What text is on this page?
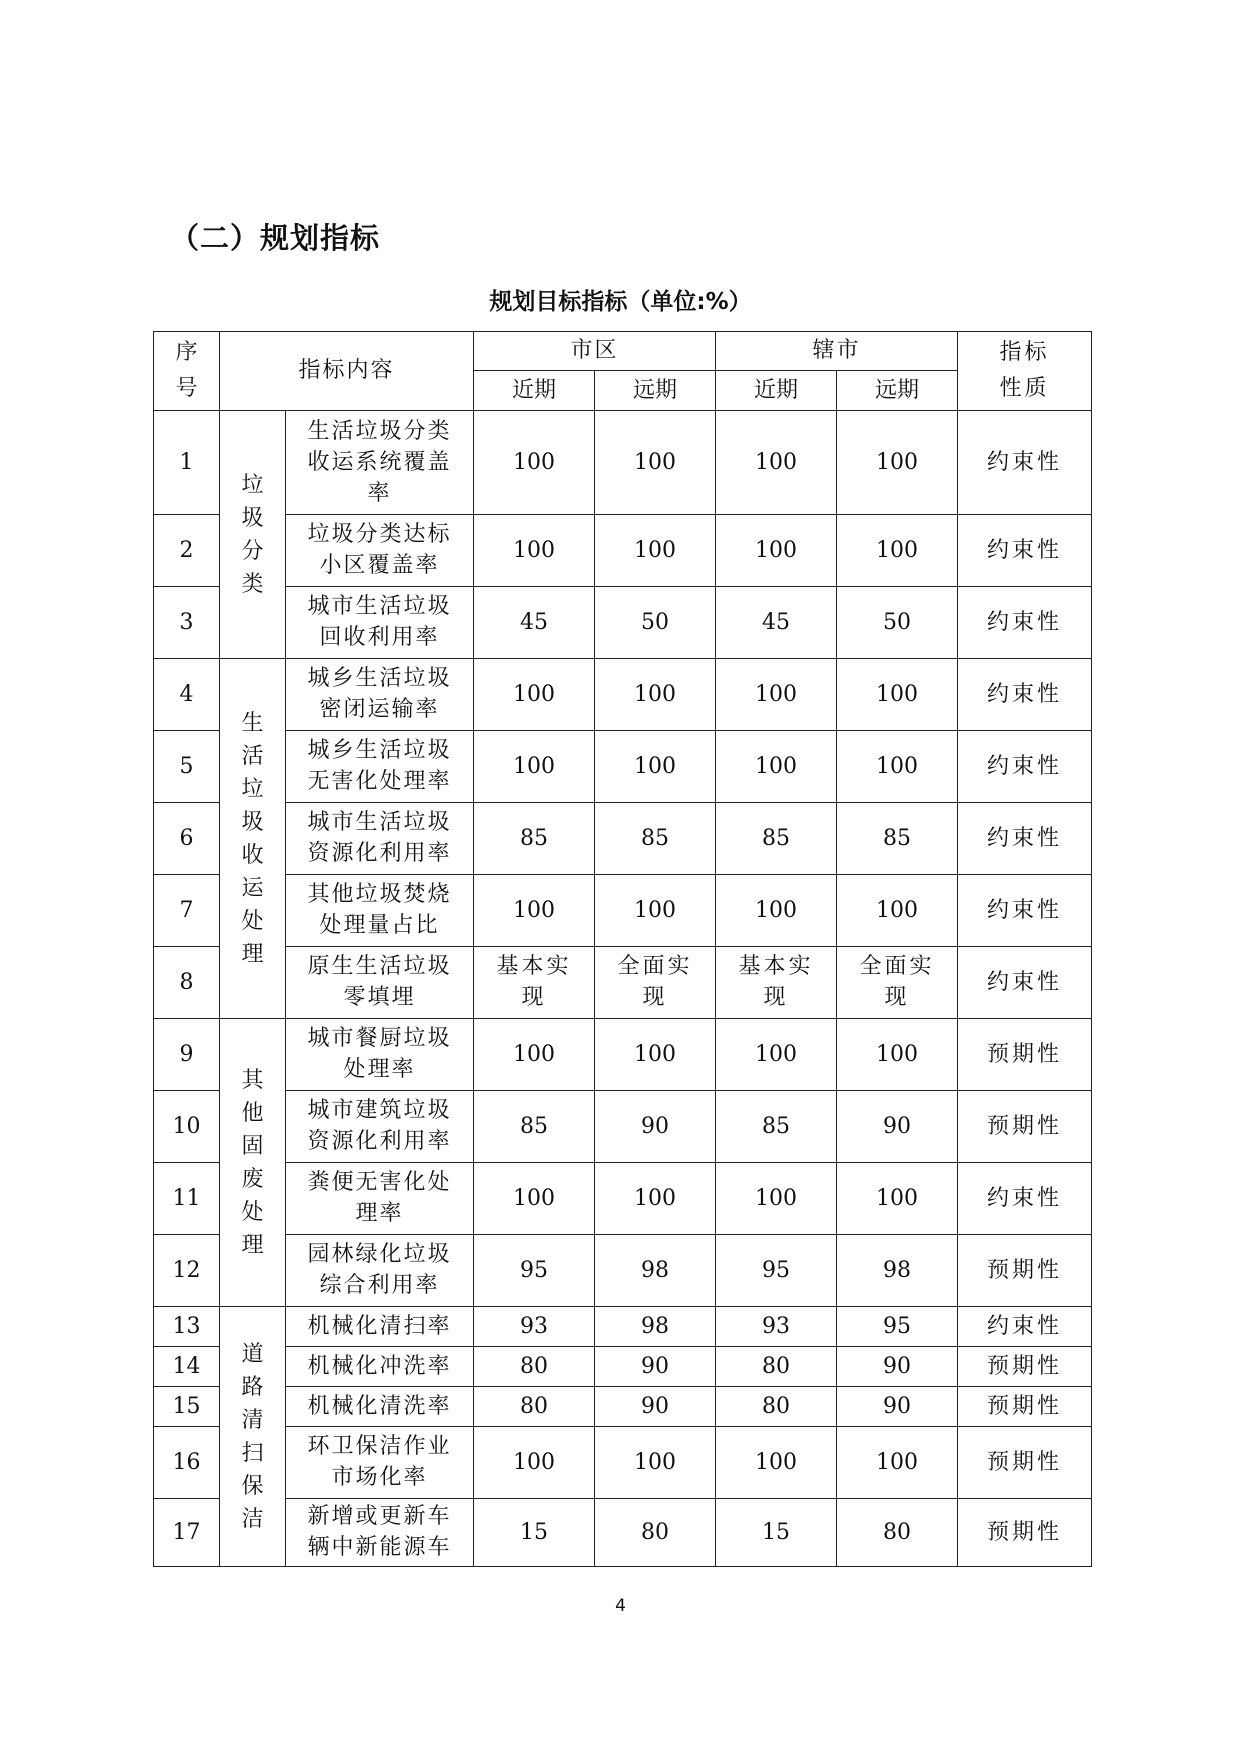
（二）规划指标
规划目标指标（单位:%）
序号	指标内容		市区		辖市		指标性质
			近期	远期	近期	远期	
1	垃圾分类	生活垃圾分类收运系统覆盖率	100	100	100	100	约束性
2		垃圾分类达标小区覆盖率	100	100	100	100	约束性
3		城市生活垃圾回收利用率	45	50	45	50	约束性
4	生活垃圾收运处理	城乡生活垃圾密闭运输率	100	100	100	100	约束性
5		城乡生活垃圾无害化处理率	100	100	100	100	约束性
6		城市生活垃圾资源化利用率	85	85	85	85	约束性
7		其他垃圾焚烧处理量占比	100	100	100	100	约束性
8		原生生活垃圾零填埋	基本实现	全面实现	基本实现	全面实现	约束性
9	其他固废处理	城市餐厨垃圾处理率	100	100	100	100	预期性
10		城市建筑垃圾资源化利用率	85	90	85	90	预期性
11		粪便无害化处理率	100	100	100	100	约束性
12		园林绿化垃圾综合利用率	95	98	95	98	预期性
13	道路清扫保洁	机械化清扫率	93	98	93	95	约束性
14		机械化冲洗率	80	90	80	90	预期性
15		机械化清洗率	80	90	80	90	预期性
16		环卫保洁作业市场化率	100	100	100	100	预期性
17		新增或更新车辆中新能源车	15	80	15	80	预期性
4
